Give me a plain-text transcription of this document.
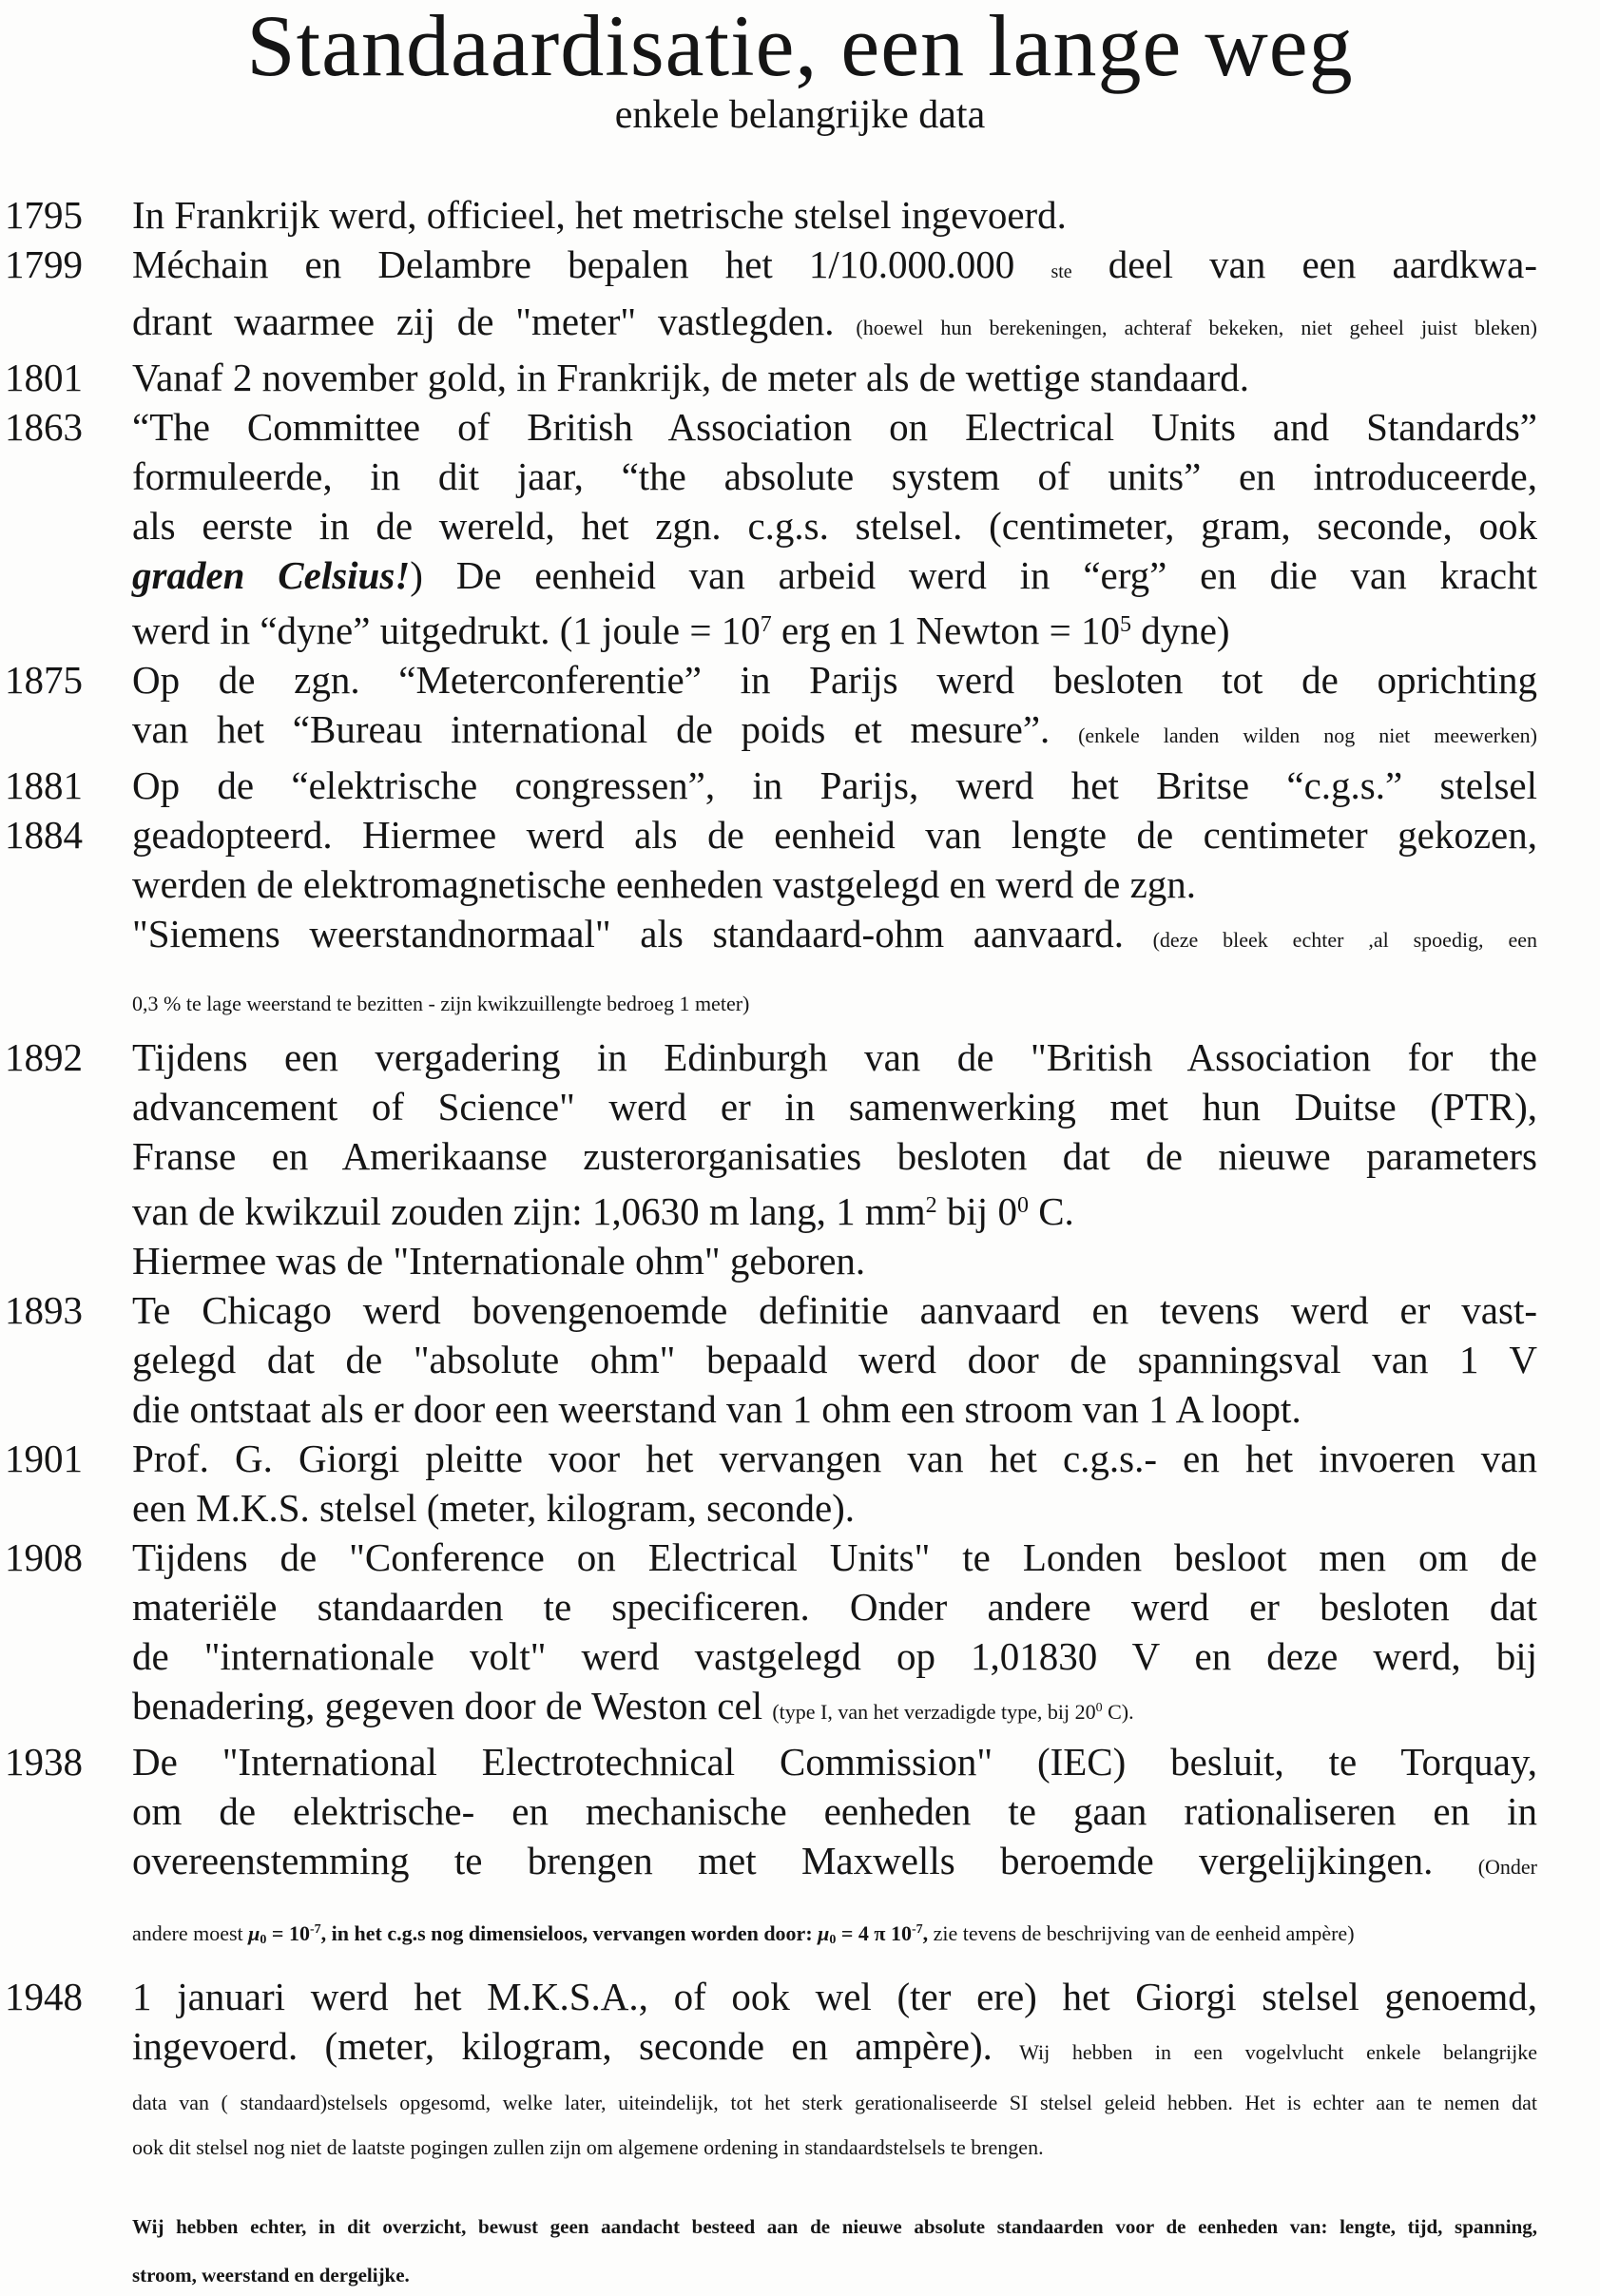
Standaardisatie, een lange weg
enkele belangrijke data
1795	In Frankrijk werd, officieel, het metrische stelsel ingevoerd.
1799	Méchain en Delambre bepalen het 1/10.000.000 ste deel van een aardkwa-
drant waarmee zij de "meter" vastlegden. (hoewel hun berekeningen, achteraf bekeken, niet geheel juist bleken)
1801	Vanaf 2 november gold, in Frankrijk, de meter als de wettige standaard.
1863	“The Committee of British Association on Electrical Units and Standards”
formuleerde, in dit jaar, “the absolute system of units” en introduceerde,
als eerste in de wereld, het zgn. c.g.s. stelsel. (centimeter, gram, seconde, ook
graden Celsius!) De eenheid van arbeid werd in “erg” en die van kracht
werd in “dyne” uitgedrukt. (1 joule = $10^7$ erg en 1 Newton = $10^5$ dyne)
1875	Op de zgn. “Meterconferentie” in Parijs werd besloten tot de oprichting
van het “Bureau international de poids et mesure”. (enkele landen wilden nog niet meewerken)
1881	Op de “elektrische congressen”, in Parijs, werd het Britse “c.g.s.” stelsel
1884	geadopteerd. Hiermee werd als de eenheid van lengte de centimeter gekozen,
werden de elektromagnetische eenheden vastgelegd en werd de zgn.
"Siemens weerstandnormaal" als standaard-ohm aanvaard. (deze bleek echter ,al spoedig, een
0,3 % te lage weerstand te bezitten - zijn kwikzuillengte bedroeg 1 meter)
1892	Tijdens een vergadering in Edinburgh van de "British Association for the
advancement of Science" werd er in samenwerking met hun Duitse (PTR),
Franse en Amerikaanse zusterorganisaties besloten dat de nieuwe parameters
van de kwikzuil zouden zijn: 1,0630 m lang, 1 $mm^2$ bij $0^0$ C.
Hiermee was de "Internationale ohm" geboren.
1893	Te Chicago werd bovengenoemde definitie aanvaard en tevens werd er vast-
gelegd dat de "absolute ohm" bepaald werd door de spanningsval van 1 V
die ontstaat als er door een weerstand van 1 ohm een stroom van 1 A loopt.
1901	Prof. G. Giorgi pleitte voor het vervangen van het c.g.s.- en het invoeren van
een M.K.S. stelsel (meter, kilogram, seconde).
1908	Tijdens de "Conference on Electrical Units" te Londen besloot men om de
materiële standaarden te specificeren. Onder andere werd er besloten dat
de "internationale volt" werd vastgelegd op 1,01830 V en deze werd, bij
benadering, gegeven door de Weston cel (type I, van het verzadigde type, bij 200 C).
1938	De "International Electrotechnical Commission" (IEC) besluit, te Torquay,
om de elektrische- en mechanische eenheden te gaan rationaliseren en in
overeenstemming te brengen met Maxwells beroemde vergelijkingen. (Onder
andere moest μ0 = 10-7, in het c.g.s nog dimensieloos, vervangen worden door: μ0 = 4 π 10-7, zie tevens de beschrijving van de eenheid ampère)
1948	1 januari werd het M.K.S.A., of ook wel (ter ere) het Giorgi stelsel genoemd,
ingevoerd. (meter, kilogram, seconde en ampère). Wij hebben in een vogelvlucht enkele belangrijke
data van ( standaard)stelsels opgesomd, welke later, uiteindelijk, tot het sterk gerationaliseerde SI stelsel geleid hebben. Het is echter aan te nemen dat
ook dit stelsel nog niet de laatste pogingen zullen zijn om algemene ordening in standaardstelsels te brengen.
Wij hebben echter, in dit overzicht, bewust geen aandacht besteed aan de nieuwe absolute standaarden voor de eenheden van: lengte, tijd, spanning,
stroom, weerstand en dergelijke.
